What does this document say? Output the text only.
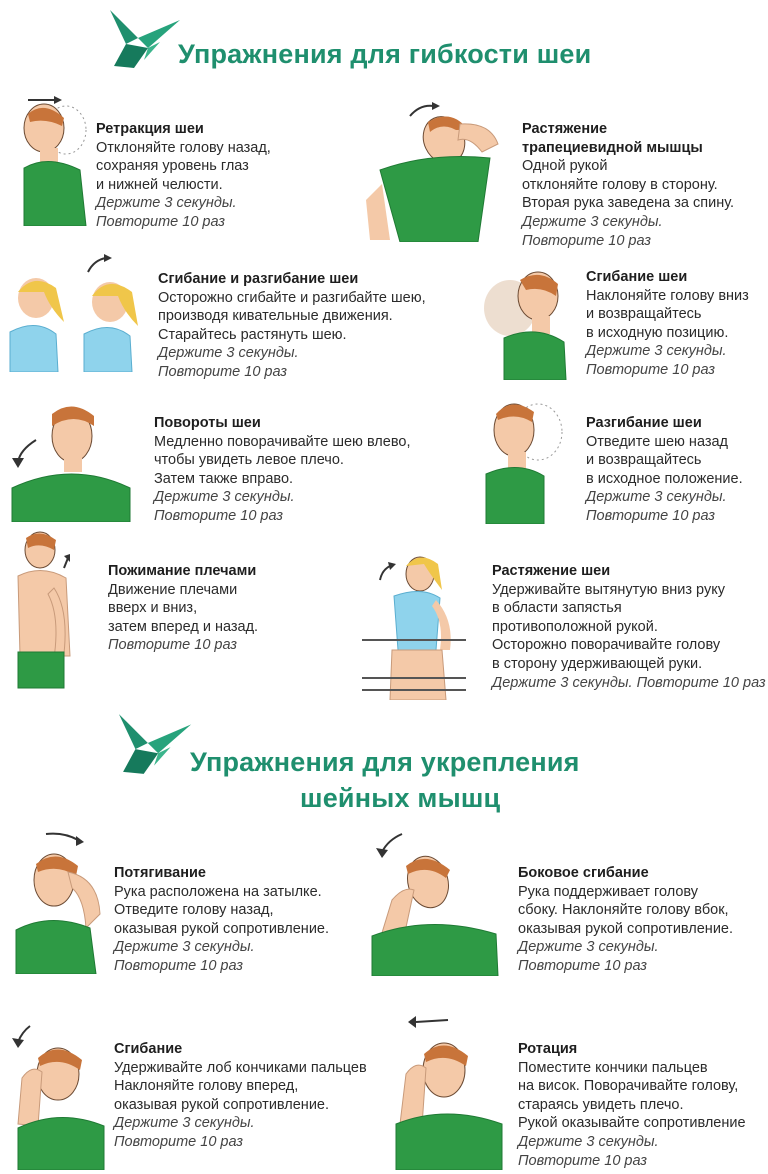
Упражнения для гибкости шеи
Ретракция шеи
Отклоняйте голову назад,
сохраняя уровень глаз
и нижней челюсти.
Держите 3 секунды.
Повторите 10 раз
Растяжение
трапециевидной мышцы
Одной рукой
отклоняйте голову в сторону.
Вторая рука заведена за спину.
Держите 3 секунды.
Повторите 10 раз
Сгибание и разгибание шеи
Осторожно сгибайте и разгибайте шею,
производя кивательные движения.
Старайтесь растянуть шею.
Держите 3 секунды.
Повторите 10 раз
Сгибание шеи
Наклоняйте голову вниз
и возвращайтесь
в исходную позицию.
Держите 3 секунды.
Повторите 10 раз
Повороты шеи
Медленно поворачивайте шею влево,
чтобы увидеть левое плечо.
Затем также вправо.
Держите 3 секунды.
Повторите 10 раз
Разгибание шеи
Отведите шею назад
и возвращайтесь
в исходное положение.
Держите 3 секунды.
Повторите 10 раз
Пожимание плечами
Движение плечами
вверх и вниз,
затем вперед и назад.
Повторите 10 раз
Растяжение шеи
Удерживайте вытянутую вниз руку
в области запястья
противоположной рукой.
Осторожно поворачивайте голову
в сторону удерживающей руки.
Держите 3 секунды. Повторите 10 раз
Упражнения для укрепления
шейных мышц
Потягивание
Рука расположена на затылке.
Отведите голову назад,
оказывая рукой сопротивление.
Держите 3 секунды.
Повторите 10 раз
Боковое сгибание
Рука поддерживает голову
сбоку. Наклоняйте голову вбок,
оказывая рукой сопротивление.
Держите 3 секунды.
Повторите 10 раз
Сгибание
Удерживайте лоб кончиками пальцев
Наклоняйте голову вперед,
оказывая рукой сопротивление.
Держите 3 секунды.
Повторите 10 раз
Ротация
Поместите кончики пальцев
на висок. Поворачивайте голову,
стараясь увидеть плечо.
Рукой оказывайте сопротивление
Держите 3 секунды.
Повторите 10 раз
